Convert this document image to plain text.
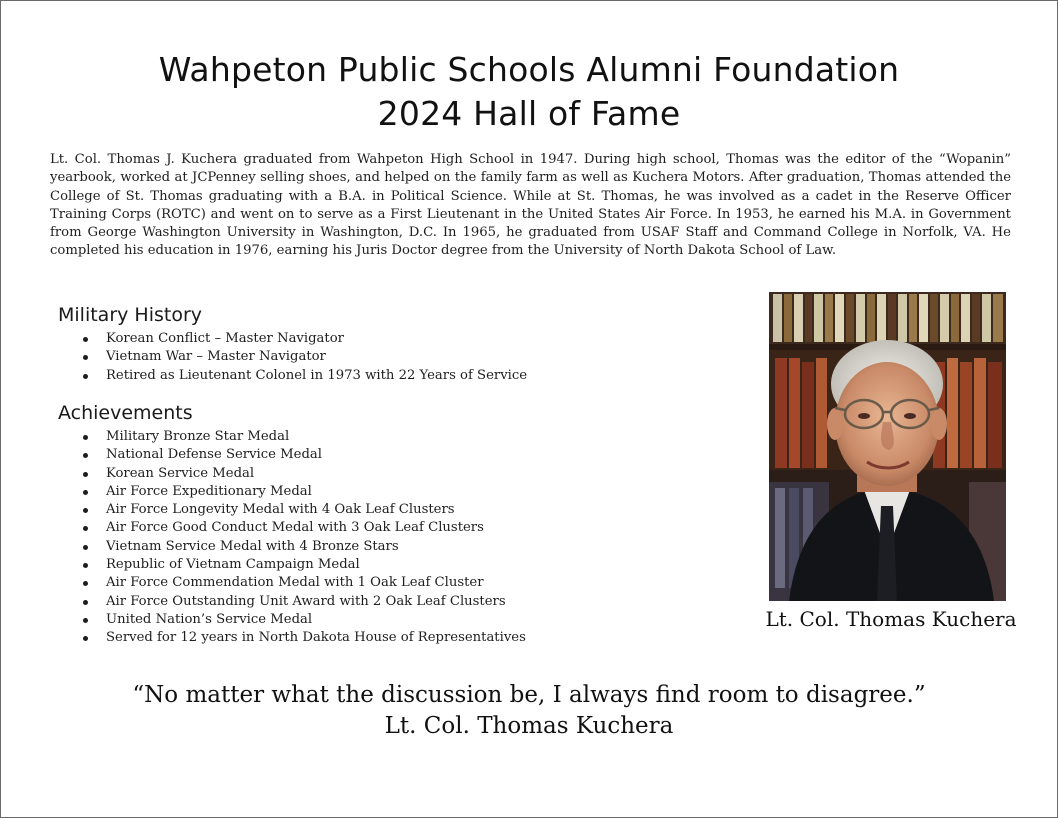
Wahpeton Public Schools Alumni Foundation
2024 Hall of Fame
Lt. Col. Thomas J. Kuchera graduated from Wahpeton High School in 1947. During high school, Thomas was the editor of the “Wopanin” yearbook, worked at JCPenney selling shoes, and helped on the family farm as well as Kuchera Motors. After graduation, Thomas attended the College of St. Thomas graduating with a B.A. in Political Science. While at St. Thomas, he was involved as a cadet in the Reserve Officer Training Corps (ROTC) and went on to serve as a First Lieutenant in the United States Air Force. In 1953, he earned his M.A. in Government from George Washington University in Washington, D.C. In 1965, he graduated from USAF Staff and Command College in Norfolk, VA. He completed his education in 1976, earning his Juris Doctor degree from the University of North Dakota School of Law.
Military History
Korean Conflict – Master Navigator
Vietnam War – Master Navigator
Retired as Lieutenant Colonel in 1973 with 22 Years of Service
Achievements
Military Bronze Star Medal
National Defense Service Medal
Korean Service Medal
Air Force Expeditionary Medal
Air Force Longevity Medal with 4 Oak Leaf Clusters
Air Force Good Conduct Medal with 3 Oak Leaf Clusters
Vietnam Service Medal with 4 Bronze Stars
Republic of Vietnam Campaign Medal
Air Force Commendation Medal with 1 Oak Leaf Cluster
Air Force Outstanding Unit Award with 2 Oak Leaf Clusters
United Nation’s Service Medal
Served for 12 years in North Dakota House of Representatives
Lt. Col. Thomas Kuchera
“No matter what the discussion be, I always find room to disagree.”
Lt. Col. Thomas Kuchera
